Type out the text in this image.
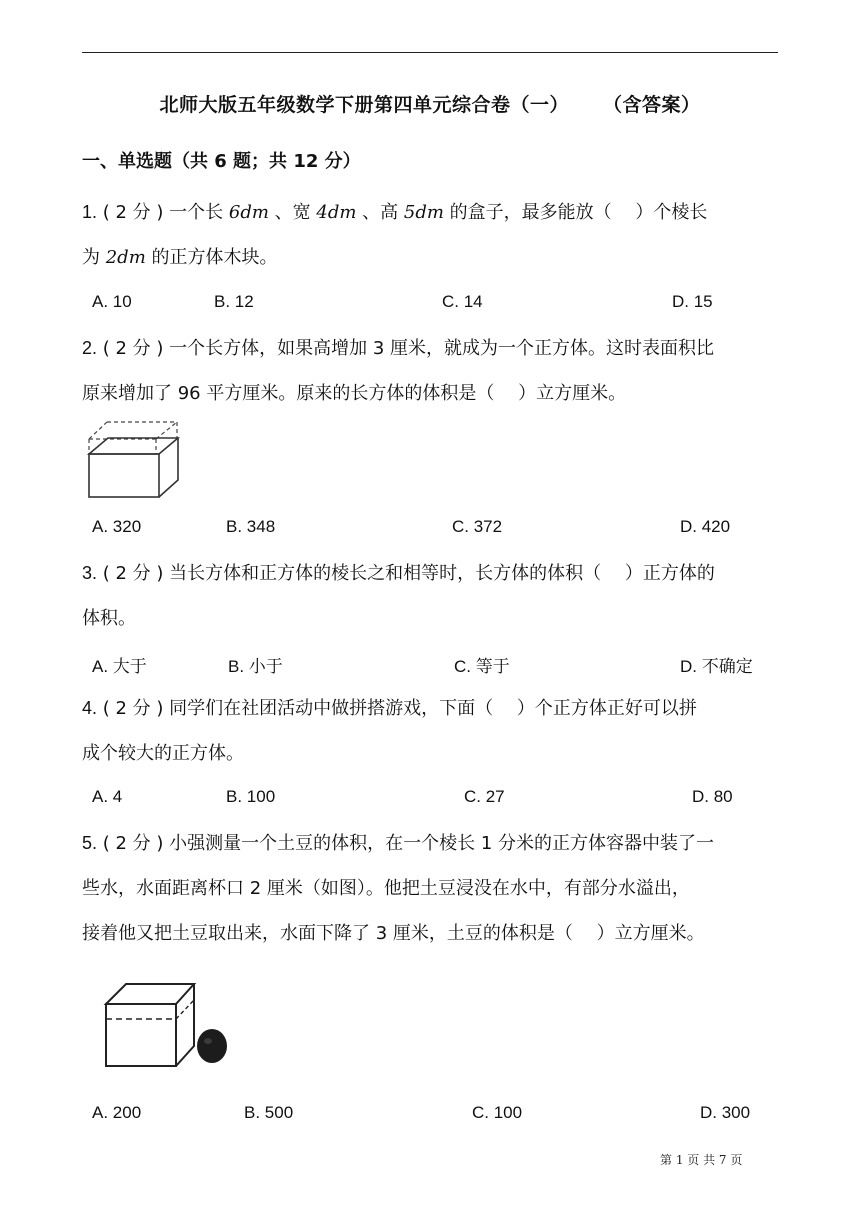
北师大版五年级数学下册第四单元综合卷（一） （含答案）
一、单选题（共 6 题；共 12 分）
1. ( 2 分 ) 一个长 6dm 、宽 4dm 、高 5dm 的盒子，最多能放（　 ）个棱长
为 2dm 的正方体木块。
A. 10	B. 12	C. 14	D. 15
2. ( 2 分 ) 一个长方体，如果高增加 3 厘米，就成为一个正方体。这时表面积比
原来增加了 96 平方厘米。原来的长方体的体积是（　 ）立方厘米。
A. 320	B. 348	C. 372	D. 420
3. ( 2 分 ) 当长方体和正方体的棱长之和相等时，长方体的体积（　 ）正方体的
体积。
A. 大于	B. 小于	C. 等于	D. 不确定
4. ( 2 分 ) 同学们在社团活动中做拼搭游戏，下面（　 ）个正方体正好可以拼
成个较大的正方体。
A. 4	B. 100	C. 27	D. 80
5. ( 2 分 ) 小强测量一个土豆的体积，在一个棱长 1 分米的正方体容器中装了一
些水，水面距离杯口 2 厘米（如图）。他把土豆浸没在水中，有部分水溢出，
接着他又把土豆取出来，水面下降了 3 厘米，土豆的体积是（　 ）立方厘米。
A. 200	B. 500	C. 100	D. 300
第 1 页 共 7 页
